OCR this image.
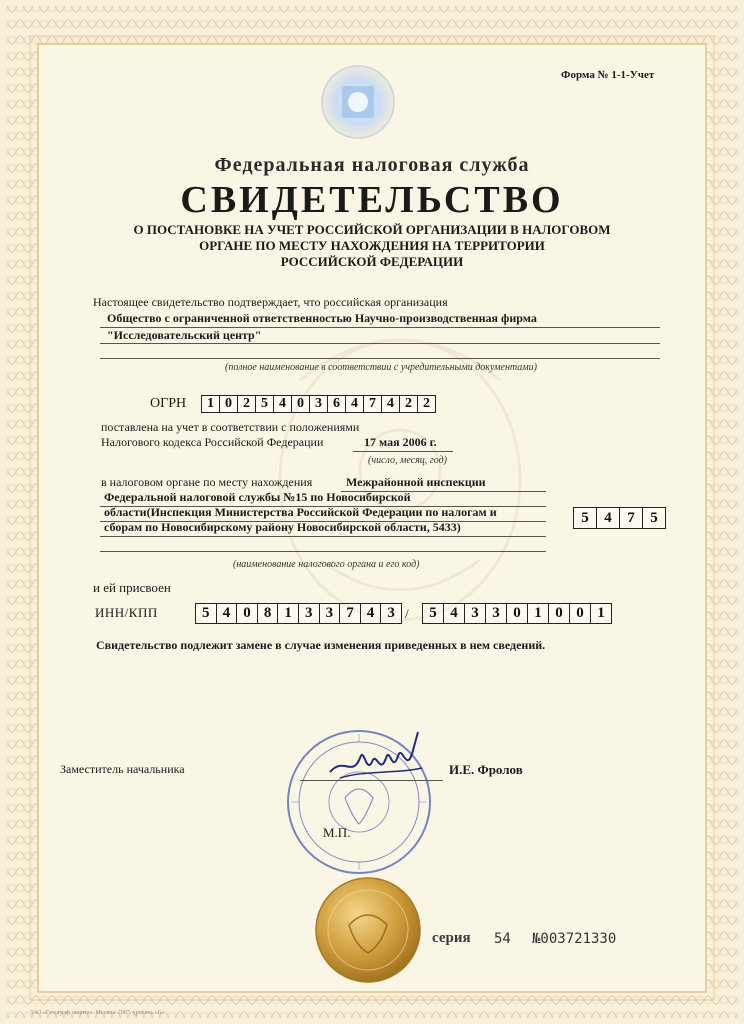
Форма № 1-1-Учет
Федеральная налоговая служба
СВИДЕТЕЛЬСТВО
О ПОСТАНОВКЕ НА УЧЕТ РОССИЙСКОЙ ОРГАНИЗАЦИИ В НАЛОГОВОМ
ОРГАНЕ ПО МЕСТУ НАХОЖДЕНИЯ НА ТЕРРИТОРИИ
РОССИЙСКОЙ ФЕДЕРАЦИИ
Настоящее свидетельство подтверждает, что российская организация
Общество с ограниченной ответственностью Научно-производственная фирма
"Исследовательский центр"
(полное наименование в соответствии с учредительными документами)
ОГРН	1 0 2 5 4 0 3 6 4 7 4 2 2
поставлена на учет в соответствии с положениями
Налогового кодекса Российской Федерации	17 мая 2006 г.
(число, месяц, год)
в налоговом органе по месту нахождения	Межрайонной инспекции
Федеральной налоговой службы №15 по Новосибирской
области(Инспекция Министерства Российской Федерации по налогам и
сборам по Новосибирскому району Новосибирской области, 5433)
5	4	7	5
(наименование налогового органа и его код)
и ей присвоен
ИНН/КПП	5 4 0 8 1 3 3 7 4 3 /	5 4 3 3 0 1 0 0 1
Свидетельство подлежит замене в случае изменения приведенных в нем сведений.
Заместитель начальника	И.Е. Фролов
М.П.
серия 54 №003721330
ЗАО «Голограф защита». Москва. 2007. уровень «Б»
